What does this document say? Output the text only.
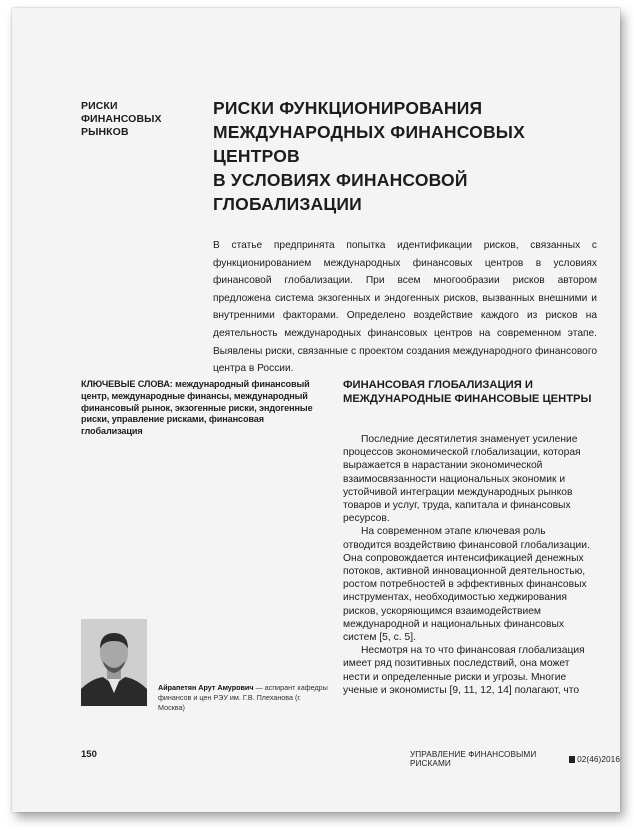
РИСКИ ФИНАНСОВЫХ РЫНКОВ
РИСКИ ФУНКЦИОНИРОВАНИЯ
МЕЖДУНАРОДНЫХ ФИНАНСОВЫХ ЦЕНТРОВ
В УСЛОВИЯХ ФИНАНСОВОЙ ГЛОБАЛИЗАЦИИ
В статье предпринята попытка идентификации рисков, связанных с функционированием международных финансовых центров в условиях финансовой глобализации. При всем многообразии рисков автором предложена система экзогенных и эндогенных рисков, вызванных внешними и внутренними факторами. Определено воздействие каждого из рисков на деятельность международных финансовых центров на современном этапе. Выявлены риски, связанные с проектом создания международного финансового центра в России.
КЛЮЧЕВЫЕ СЛОВА: международный финансовый центр, международные финансы, международный финансовый рынок, экзогенные риски, эндогенные риски, управление рисками, финансовая глобализация
ФИНАНСОВАЯ ГЛОБАЛИЗАЦИЯ И МЕЖДУНАРОДНЫЕ ФИНАНСОВЫЕ ЦЕНТРЫ

Последние десятилетия знаменует усиление процессов экономической глобализации, которая выражается в нарастании экономической взаимосвязанности национальных экономик и устойчивой интеграции международных рынков товаров и услуг, труда, капитала и финансовых ресурсов.

На современном этапе ключевая роль отводится воздействию финансовой глобализации. Она сопровождается интенсификацией денежных потоков, активной инновационной деятельностью, ростом потребностей в эффективных финансовых инструментах, необходимостью хеджирования рисков, ускоряющимся взаимодействием международной и национальных финансовых систем [5, с. 5].

Несмотря на то что финансовая глобализация имеет ряд позитивных последствий, она может нести и определенные риски и угрозы. Многие ученые и экономисты [9, 11, 12, 14] полагают, что

Айрапетян Арут Амурович — аспирант кафедры финансов и цен РЭУ им. Г.В. Плеханова (г. Москва)
150	УПРАВЛЕНИЕ ФИНАНСОВЫМИ РИСКАМИ	02(46)2016
